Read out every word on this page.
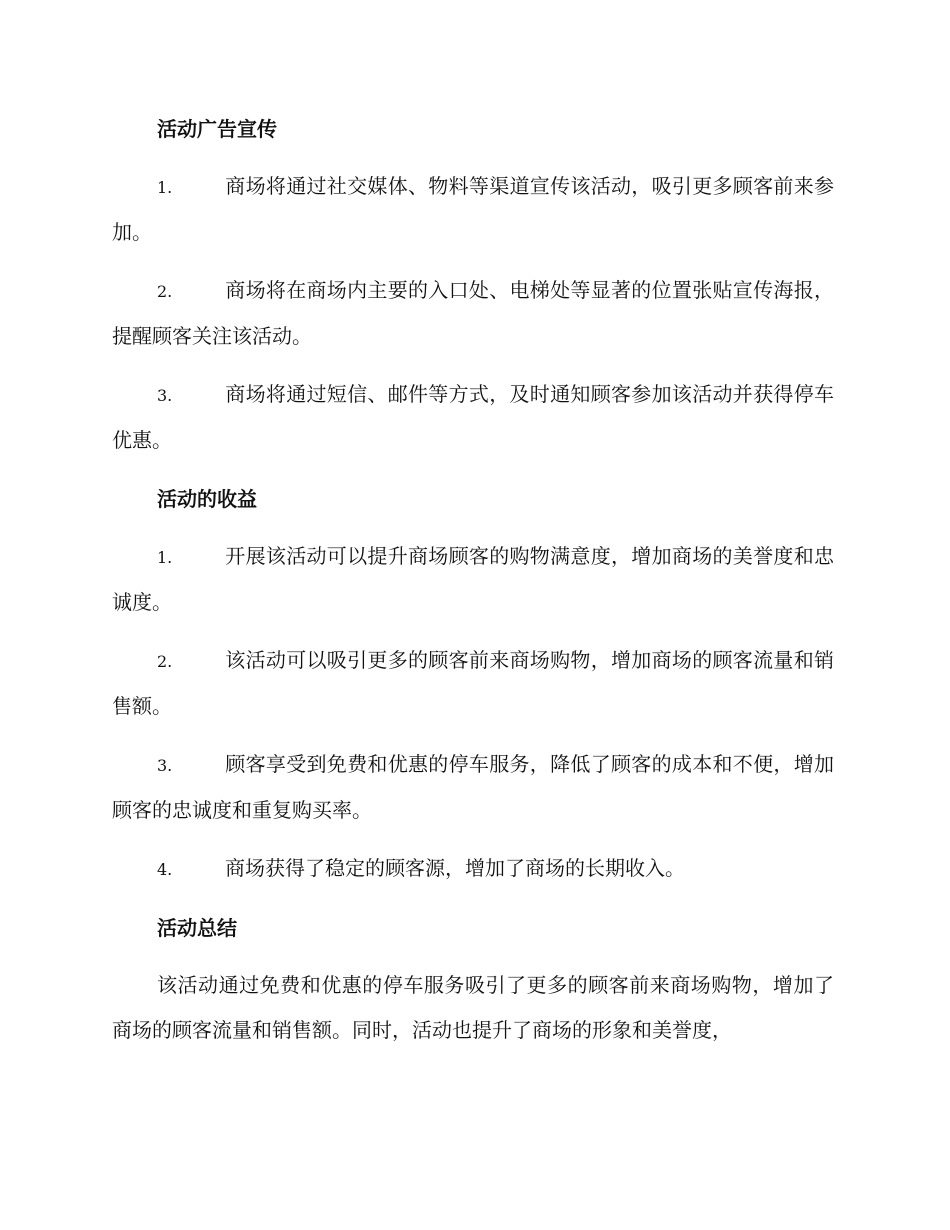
活动广告宣传
1.	商场将通过社交媒体、物料等渠道宣传该活动，吸引更多顾客前来参加。
2.	商场将在商场内主要的入口处、电梯处等显著的位置张贴宣传海报，提醒顾客关注该活动。
3.	商场将通过短信、邮件等方式，及时通知顾客参加该活动并获得停车优惠。
活动的收益
1.	开展该活动可以提升商场顾客的购物满意度，增加商场的美誉度和忠诚度。
2.	该活动可以吸引更多的顾客前来商场购物，增加商场的顾客流量和销售额。
3.	顾客享受到免费和优惠的停车服务，降低了顾客的成本和不便，增加顾客的忠诚度和重复购买率。
4.	商场获得了稳定的顾客源，增加了商场的长期收入。
活动总结
该活动通过免费和优惠的停车服务吸引了更多的顾客前来商场购物，增加了商场的顾客流量和销售额。同时，活动也提升了商场的形象和美誉度，
